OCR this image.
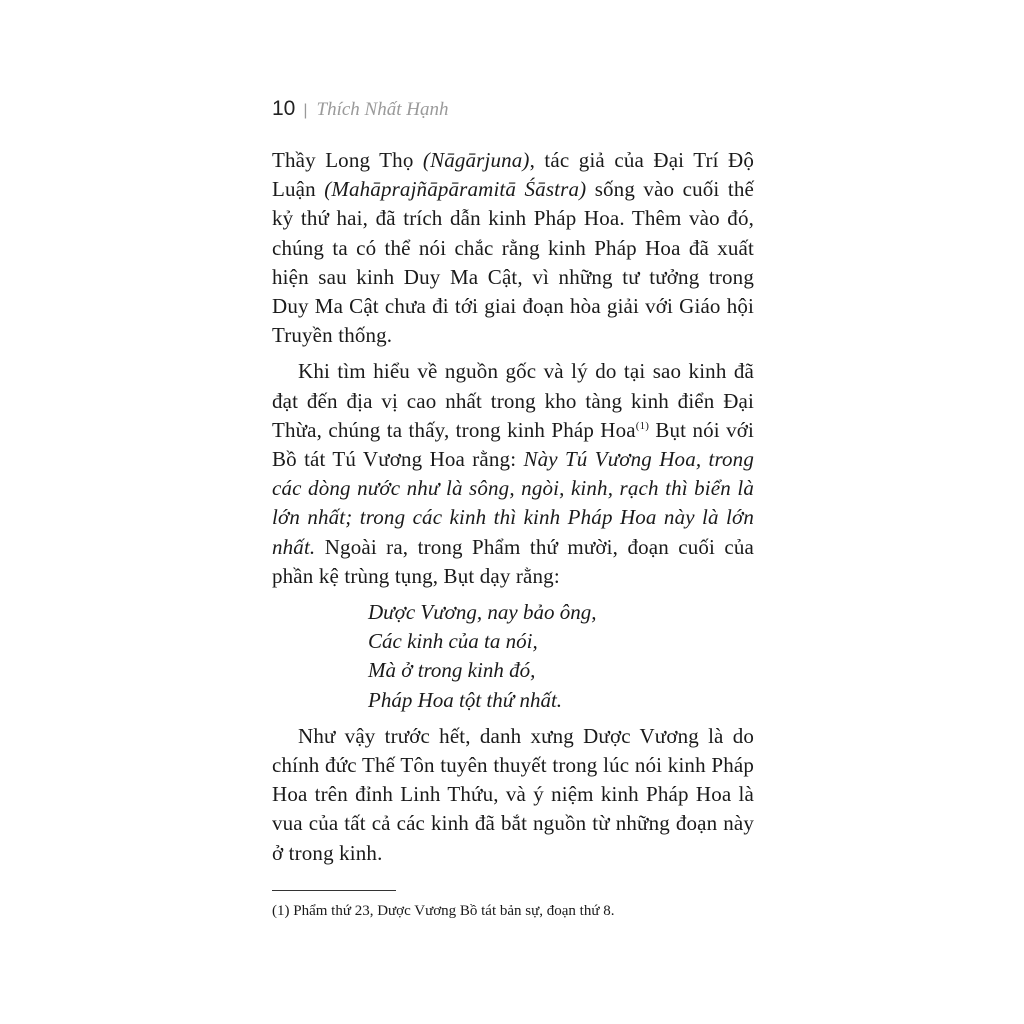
10 | Thích Nhất Hạnh

Thầy Long Thọ (Nāgārjuna), tác giả của Đại Trí Độ Luận (Mahāprajñāpāramitā Śāstra) sống vào cuối thế kỷ thứ hai, đã trích dẫn kinh Pháp Hoa. Thêm vào đó, chúng ta có thể nói chắc rằng kinh Pháp Hoa đã xuất hiện sau kinh Duy Ma Cật, vì những tư tưởng trong Duy Ma Cật chưa đi tới giai đoạn hòa giải với Giáo hội Truyền thống.

Khi tìm hiểu về nguồn gốc và lý do tại sao kinh đã đạt đến địa vị cao nhất trong kho tàng kinh điển Đại Thừa, chúng ta thấy, trong kinh Pháp Hoa$^{(1)}$ Bụt nói với Bồ tát Tú Vương Hoa rằng: Này Tú Vương Hoa, trong các dòng nước như là sông, ngòi, kinh, rạch thì biển là lớn nhất; trong các kinh thì kinh Pháp Hoa này là lớn nhất. Ngoài ra, trong Phẩm thứ mười, đoạn cuối của phần kệ trùng tụng, Bụt dạy rằng:

Dược Vương, nay bảo ông,
Các kinh của ta nói,
Mà ở trong kinh đó,
Pháp Hoa tột thứ nhất.

Như vậy trước hết, danh xưng Dược Vương là do chính đức Thế Tôn tuyên thuyết trong lúc nói kinh Pháp Hoa trên đỉnh Linh Thứu, và ý niệm kinh Pháp Hoa là vua của tất cả các kinh đã bắt nguồn từ những đoạn này ở trong kinh.

(1) Phẩm thứ 23, Dược Vương Bồ tát bản sự, đoạn thứ 8.
